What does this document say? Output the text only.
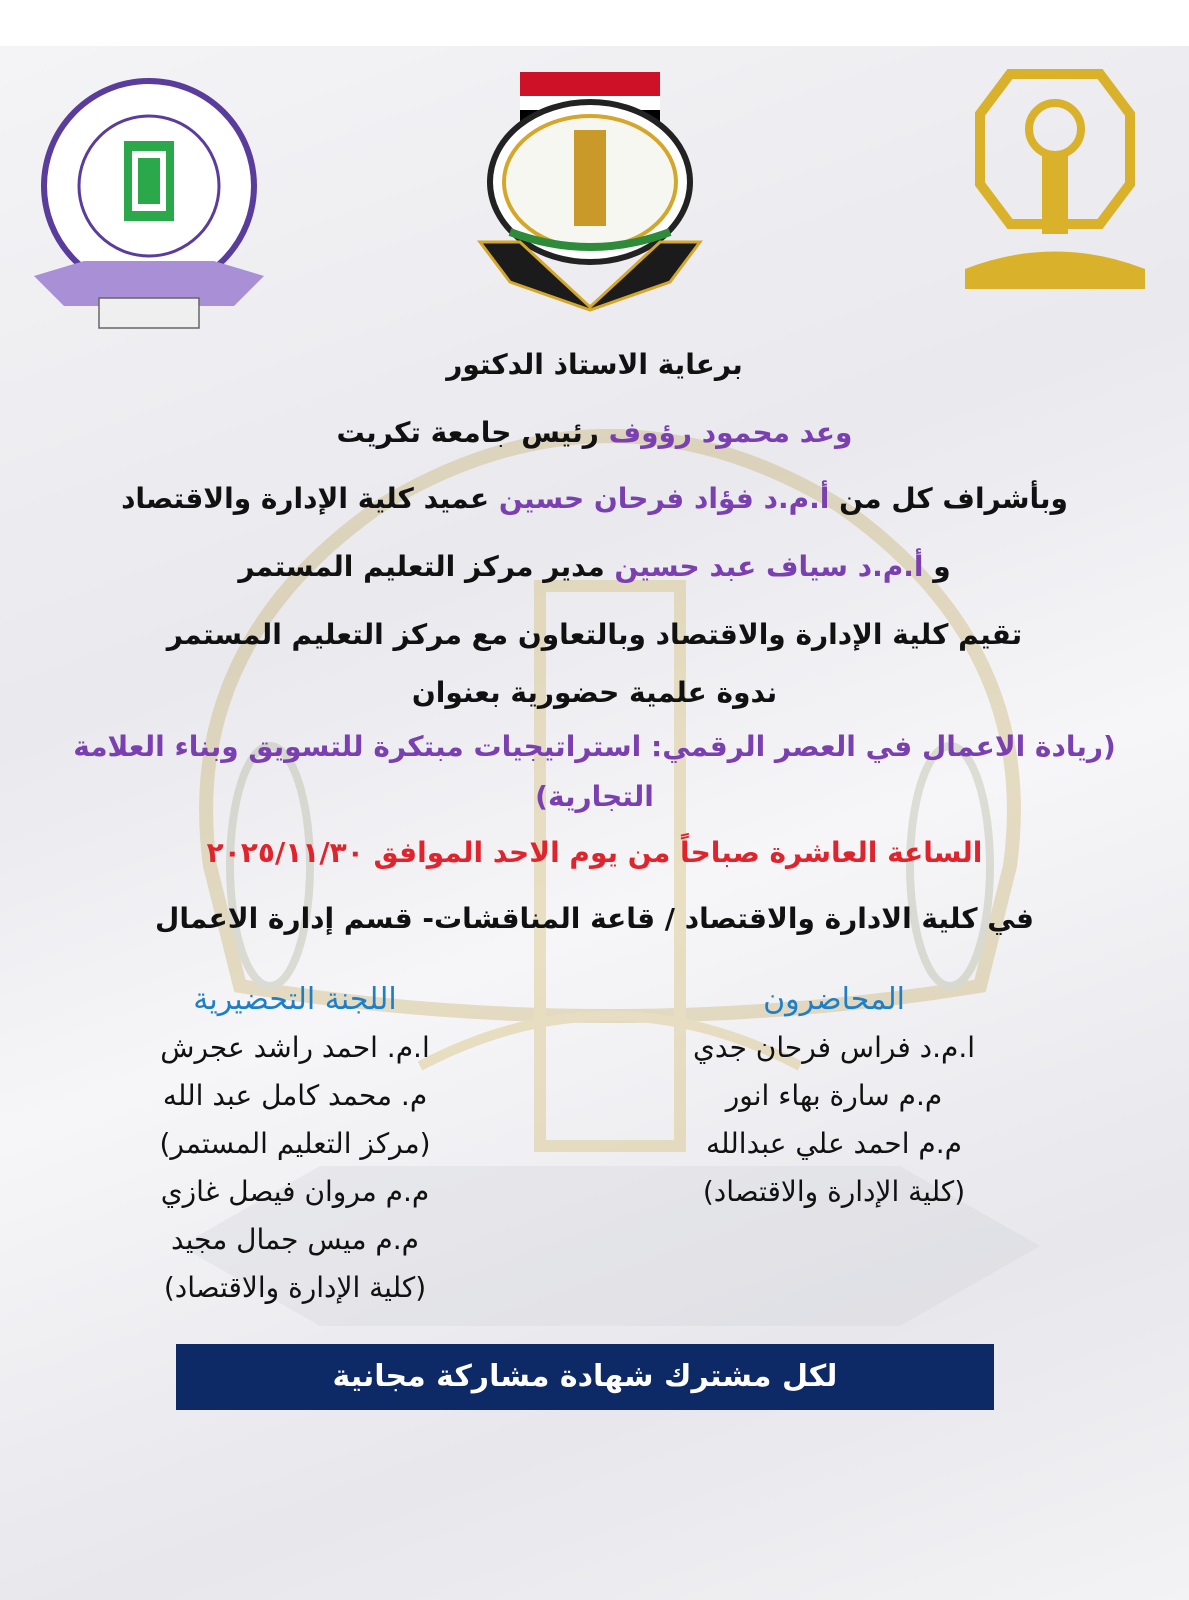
برعاية الاستاذ الدكتور
وعد محمود رؤوف رئيس جامعة تكريت
وبأشراف كل من أ.م.د فؤاد فرحان حسين عميد كلية الإدارة والاقتصاد
و أ.م.د سياف عبد حسين مدير مركز التعليم المستمر
تقيم كلية الإدارة والاقتصاد وبالتعاون مع مركز التعليم المستمر
ندوة علمية حضورية بعنوان
(ريادة الاعمال في العصر الرقمي: استراتيجيات مبتكرة للتسويق وبناء العلامة
التجارية)
الساعة العاشرة صباحاً من يوم الاحد الموافق ٢٠٢٥/١١/٣٠
في كلية الادارة والاقتصاد / قاعة المناقشات- قسم إدارة الاعمال
المحاضرون
ا.م.د فراس فرحان جدي
م.م سارة بهاء انور
م.م احمد علي عبدالله
(كلية الإدارة والاقتصاد)
اللجنة التحضيرية
ا.م. احمد راشد عجرش
م. محمد كامل عبد الله
(مركز التعليم المستمر)
م.م مروان فيصل غازي
م.م ميس جمال مجيد
(كلية الإدارة والاقتصاد)
لكل مشترك شهادة مشاركة مجانية
